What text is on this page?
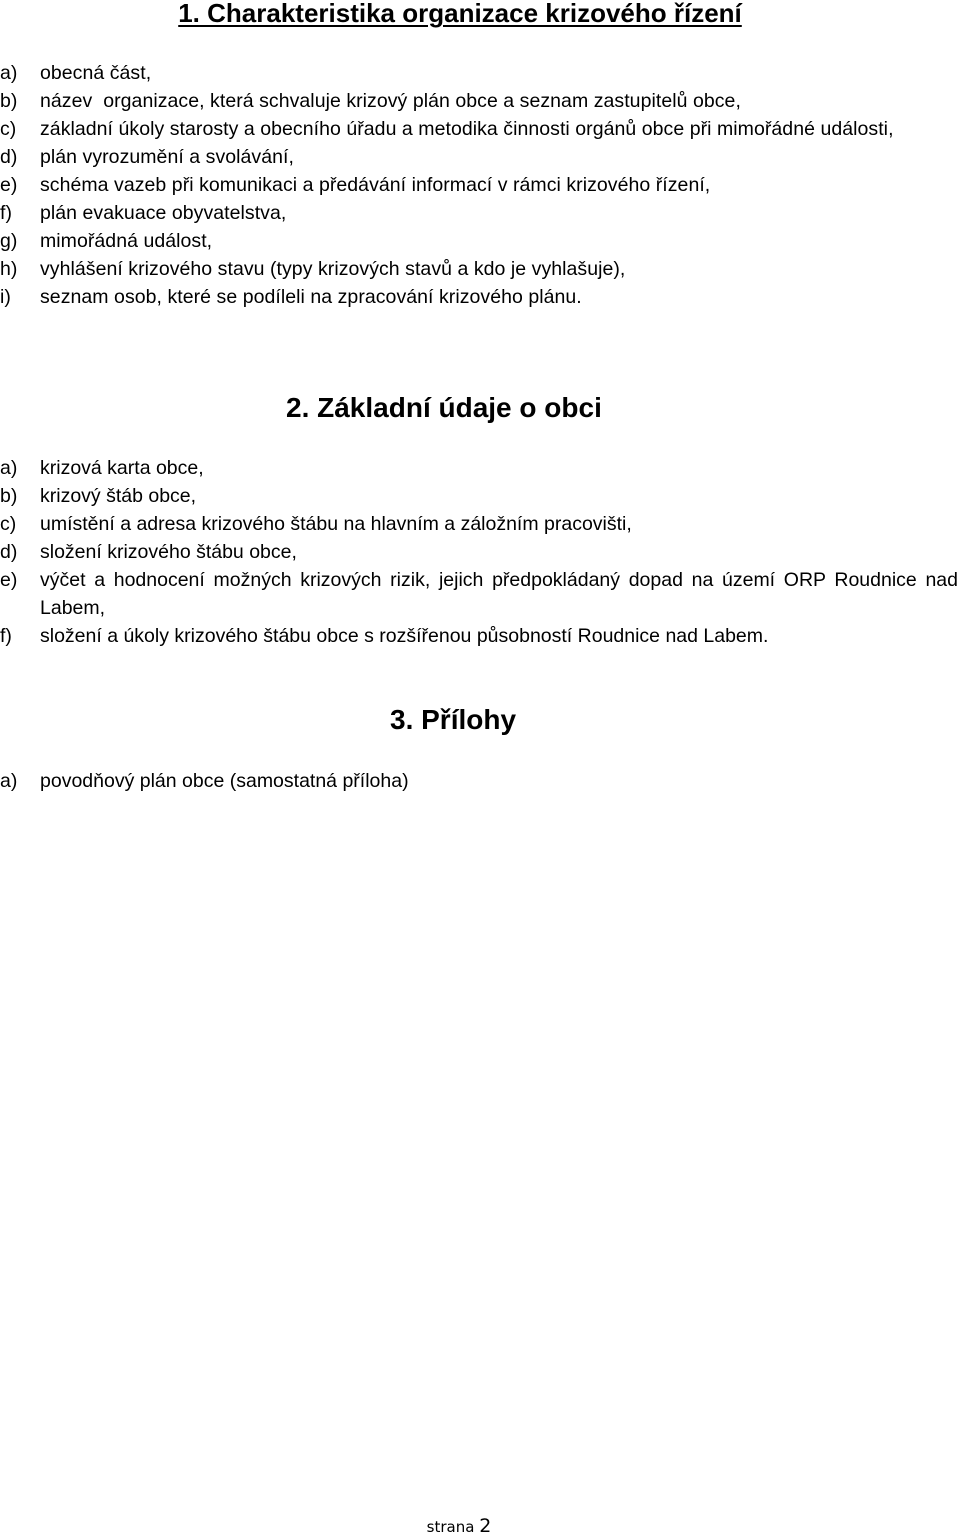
1. Charakteristika organizace krizového řízení
a) obecná část,
b) název  organizace, která schvaluje krizový plán obce a seznam zastupitelů obce,
c) základní úkoly starosty a obecního úřadu a metodika činnosti orgánů obce při mimořádné události,
d) plán vyrozumění a svolávání,
e) schéma vazeb při komunikaci a předávání informací v rámci krizového řízení,
f) plán evakuace obyvatelstva,
g) mimořádná událost,
h) vyhlášení krizového stavu (typy krizových stavů a kdo je vyhlašuje),
i) seznam osob, které se podíleli na zpracování krizového plánu.
2. Základní údaje o obci
a) krizová karta obce,
b) krizový štáb obce,
c) umístění a adresa krizového štábu na hlavním a záložním pracovišti,
d) složení krizového štábu obce,
e) výčet a hodnocení možných krizových rizik, jejich předpokládaný dopad na území ORP Roudnice nad Labem,
f) složení a úkoly krizového štábu obce s rozšířenou působností Roudnice nad Labem.
3. Přílohy
a) povodňový plán obce (samostatná příloha)
strana 2
